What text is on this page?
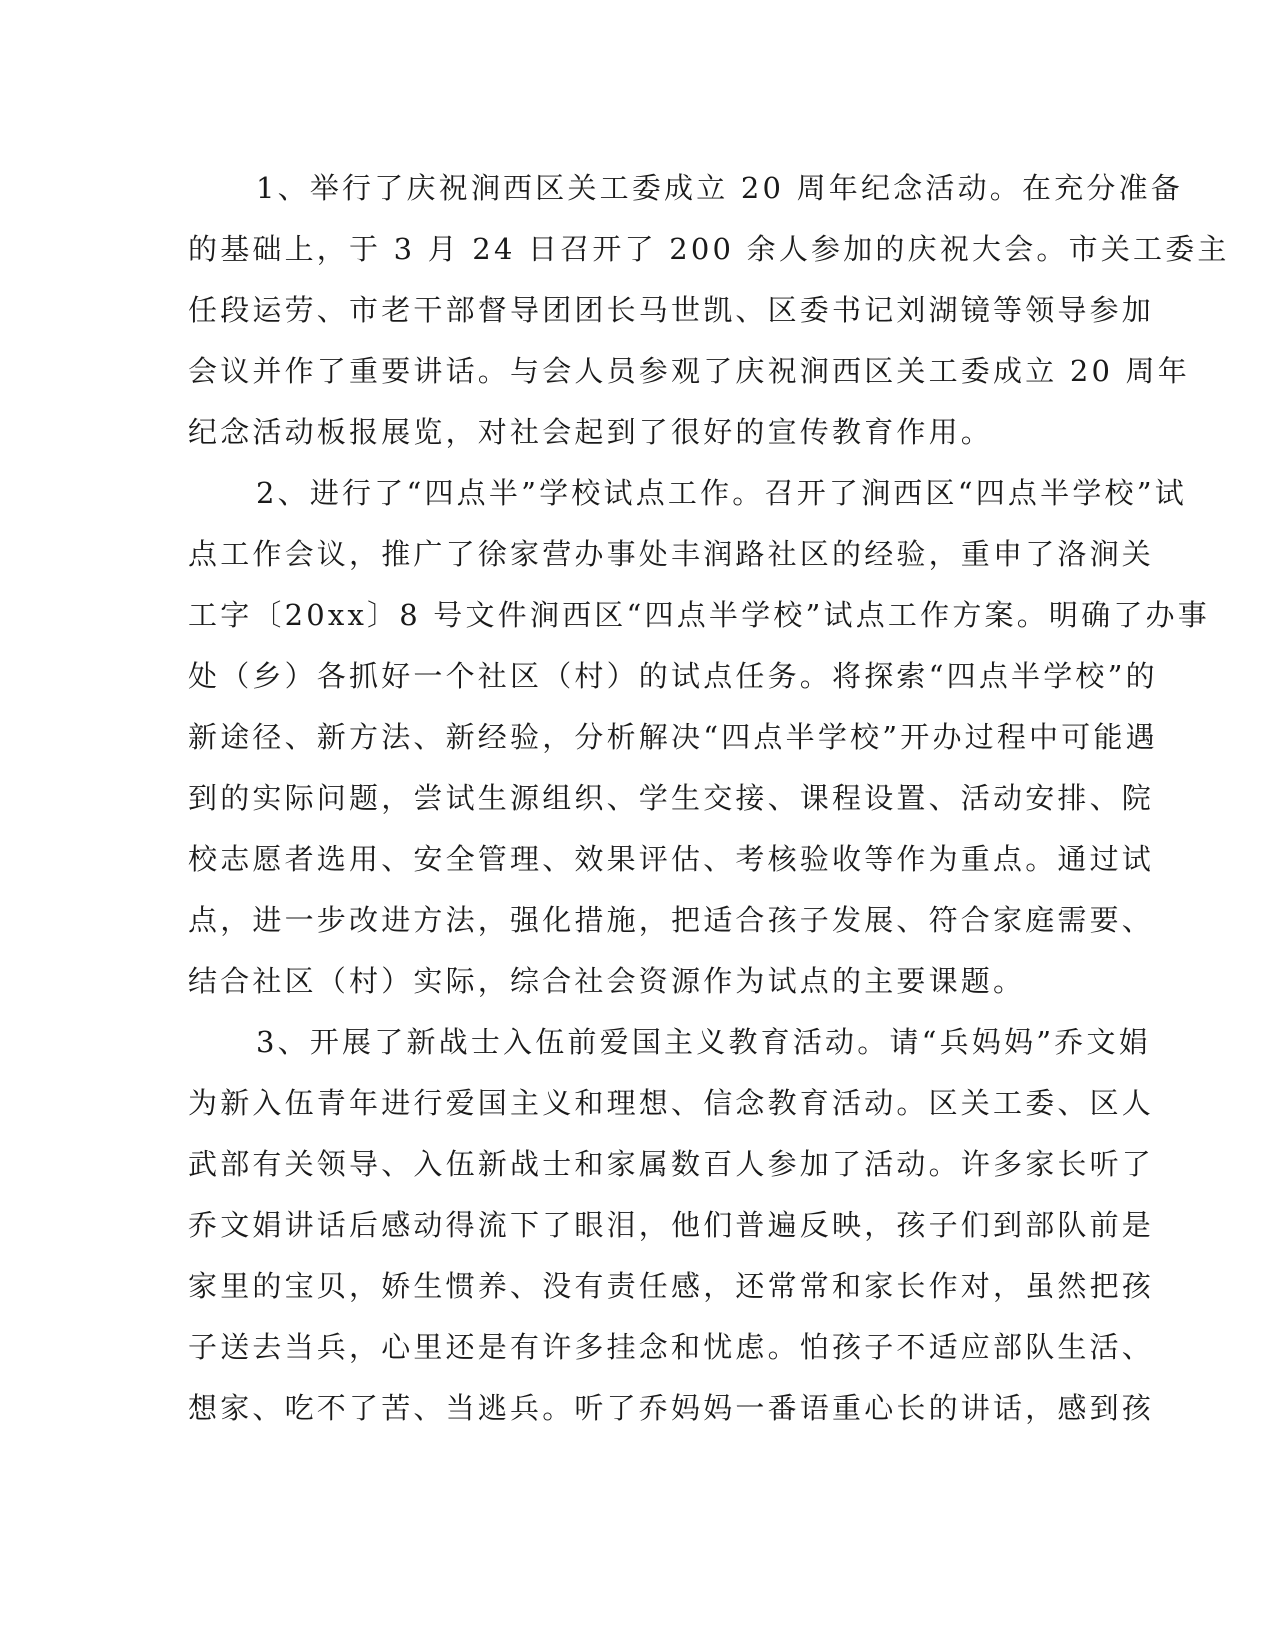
1、举行了庆祝涧西区关工委成立 20 周年纪念活动。在充分准备
的基础上，于 3 月 24 日召开了 200 余人参加的庆祝大会。市关工委主
任段运劳、市老干部督导团团长马世凯、区委书记刘湖镜等领导参加
会议并作了重要讲话。与会人员参观了庆祝涧西区关工委成立 20 周年
纪念活动板报展览，对社会起到了很好的宣传教育作用。
2、进行了“四点半”学校试点工作。召开了涧西区“四点半学校”试
点工作会议，推广了徐家营办事处丰润路社区的经验，重申了洛涧关
工字〔20xx〕8 号文件涧西区“四点半学校”试点工作方案。明确了办事
处（乡）各抓好一个社区（村）的试点任务。将探索“四点半学校”的
新途径、新方法、新经验，分析解决“四点半学校”开办过程中可能遇
到的实际问题，尝试生源组织、学生交接、课程设置、活动安排、院
校志愿者选用、安全管理、效果评估、考核验收等作为重点。通过试
点，进一步改进方法，强化措施，把适合孩子发展、符合家庭需要、
结合社区（村）实际，综合社会资源作为试点的主要课题。
3、开展了新战士入伍前爱国主义教育活动。请“兵妈妈”乔文娟
为新入伍青年进行爱国主义和理想、信念教育活动。区关工委、区人
武部有关领导、入伍新战士和家属数百人参加了活动。许多家长听了
乔文娟讲话后感动得流下了眼泪，他们普遍反映，孩子们到部队前是
家里的宝贝，娇生惯养、没有责任感，还常常和家长作对，虽然把孩
子送去当兵，心里还是有许多挂念和忧虑。怕孩子不适应部队生活、
想家、吃不了苦、当逃兵。听了乔妈妈一番语重心长的讲话，感到孩
